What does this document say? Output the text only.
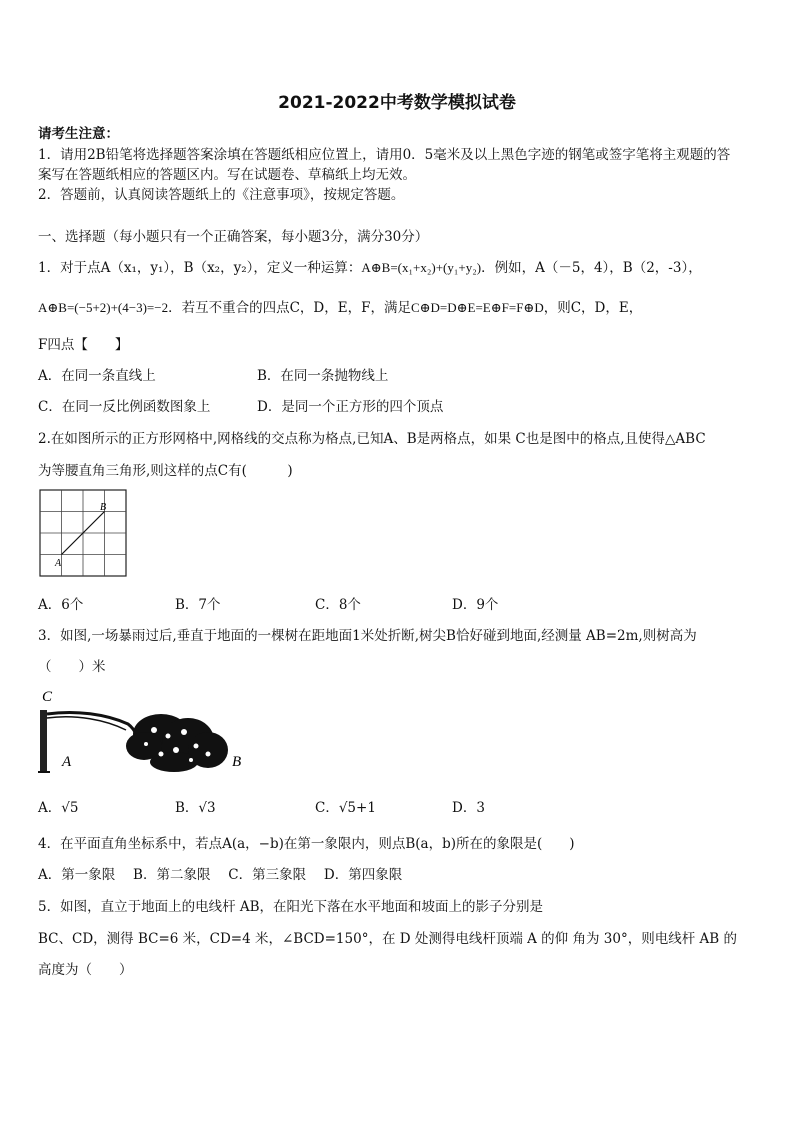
2021-2022中考数学模拟试卷
请考生注意：
1．请用2B铅笔将选择题答案涂填在答题纸相应位置上，请用0．5毫米及以上黑色字迹的钢笔或签字笔将主观题的答
案写在答题纸相应的答题区内。写在试题卷、草稿纸上均无效。
2．答题前，认真阅读答题纸上的《注意事项》，按规定答题。
一、选择题（每小题只有一个正确答案，每小题3分，满分30分）
1．对于点A（x₁，y₁），B（x₂，y₂），定义一种运算：A⊕B=(x₁+x₂)+(y₁+y₂)．例如，A（－5，4），B（2，-3），
A⊕B=(−5+2)+(4−3)=−2．若互不重合的四点C，D，E，F，满足C⊕D=D⊕E=E⊕F=F⊕D，则C，D，E，
F四点【　　】
A．在同一条直线上	B．在同一条抛物线上
C．在同一反比例函数图象上	D．是同一个正方形的四个顶点
2.在如图所示的正方形网格中,网格线的交点称为格点,已知A、B是两格点，如果 C也是图中的格点,且使得△ABC
为等腰直角三角形,则这样的点C有(　　　)
A
B
A．6个	B．7个	C．8个	D．9个
3．如图,一场暴雨过后,垂直于地面的一棵树在距地面1米处折断,树尖B恰好碰到地面,经测量 AB=2m,则树高为
（　　）米
C
A	B
A．√5	B．√3	C．√5+1	D．3
4．在平面直角坐标系中，若点A(a，−b)在第一象限内，则点B(a，b)所在的象限是(　　)
A．第一象限　 B．第二象限　 C．第三象限　 D．第四象限
5．如图，直立于地面上的电线杆 AB，在阳光下落在水平地面和坡面上的影子分别是
BC、CD，测得 BC=6 米，CD=4 米，∠BCD=150°，在 D 处测得电线杆顶端 A 的仰 角为 30°，则电线杆 AB 的
高度为（　　）
